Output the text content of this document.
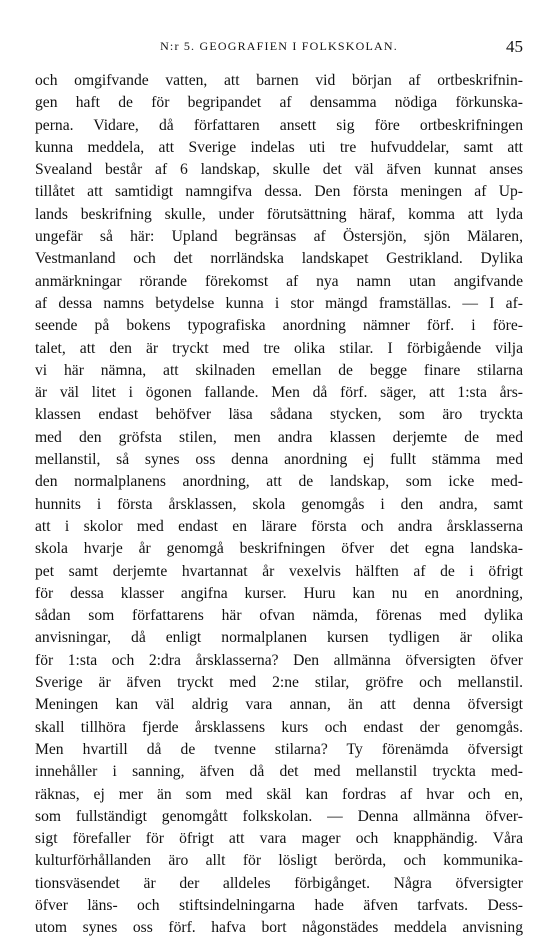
N:r 5. GEOGRAFIEN I FOLKSKOLAN.	45
och omgifvande vatten, att barnen vid början af ortbeskrifnin-
gen haft de för begripandet af densamma nödiga förkunska-
perna. Vidare, då författaren ansett sig före ortbeskrifningen
kunna meddela, att Sverige indelas uti tre hufvuddelar, samt att
Svealand består af 6 landskap, skulle det väl äfven kunnat anses
tillåtet att samtidigt namngifva dessa. Den första meningen af Up-
lands beskrifning skulle, under förutsättning häraf, komma att lyda
ungefär så här: Upland begränsas af Östersjön, sjön Mälaren,
Vestmanland och det norrländska landskapet Gestrikland. Dylika
anmärkningar rörande förekomst af nya namn utan angifvande
af dessa namns betydelse kunna i stor mängd framställas. — I af-
seende på bokens typografiska anordning nämner förf. i före-
talet, att den är tryckt med tre olika stilar. I förbigående vilja
vi här nämna, att skilnaden emellan de begge finare stilarna
är väl litet i ögonen fallande. Men då förf. säger, att 1:sta års-
klassen endast behöfver läsa sådana stycken, som äro tryckta
med den gröfsta stilen, men andra klassen derjemte de med
mellanstil, så synes oss denna anordning ej fullt stämma med
den normalplanens anordning, att de landskap, som icke med-
hunnits i första årsklassen, skola genomgås i den andra, samt
att i skolor med endast en lärare första och andra årsklasserna
skola hvarje år genomgå beskrifningen öfver det egna landska-
pet samt derjemte hvartannat år vexelvis hälften af de i öfrigt
för dessa klasser angifna kurser. Huru kan nu en anordning,
sådan som författarens här ofvan nämda, förenas med dylika
anvisningar, då enligt normalplanen kursen tydligen är olika
för 1:sta och 2:dra årsklasserna? Den allmänna öfversigten öfver
Sverige är äfven tryckt med 2:ne stilar, gröfre och mellanstil.
Meningen kan väl aldrig vara annan, än att denna öfversigt
skall tillhöra fjerde årsklassens kurs och endast der genomgås.
Men hvartill då de tvenne stilarna? Ty förenämda öfversigt
innehåller i sanning, äfven då det med mellanstil tryckta med-
räknas, ej mer än som med skäl kan fordras af hvar och en,
som fullständigt genomgått folkskolan. — Denna allmänna öfver-
sigt förefaller för öfrigt att vara mager och knapphändig. Våra
kulturförhållanden äro allt för lösligt berörda, och kommunika-
tionsväsendet är der alldeles förbigånget. Några öfversigter
öfver läns- och stiftsindelningarna hade äfven tarfvats. Dess-
utom synes oss förf. hafva bort någonstädes meddela anvisning
